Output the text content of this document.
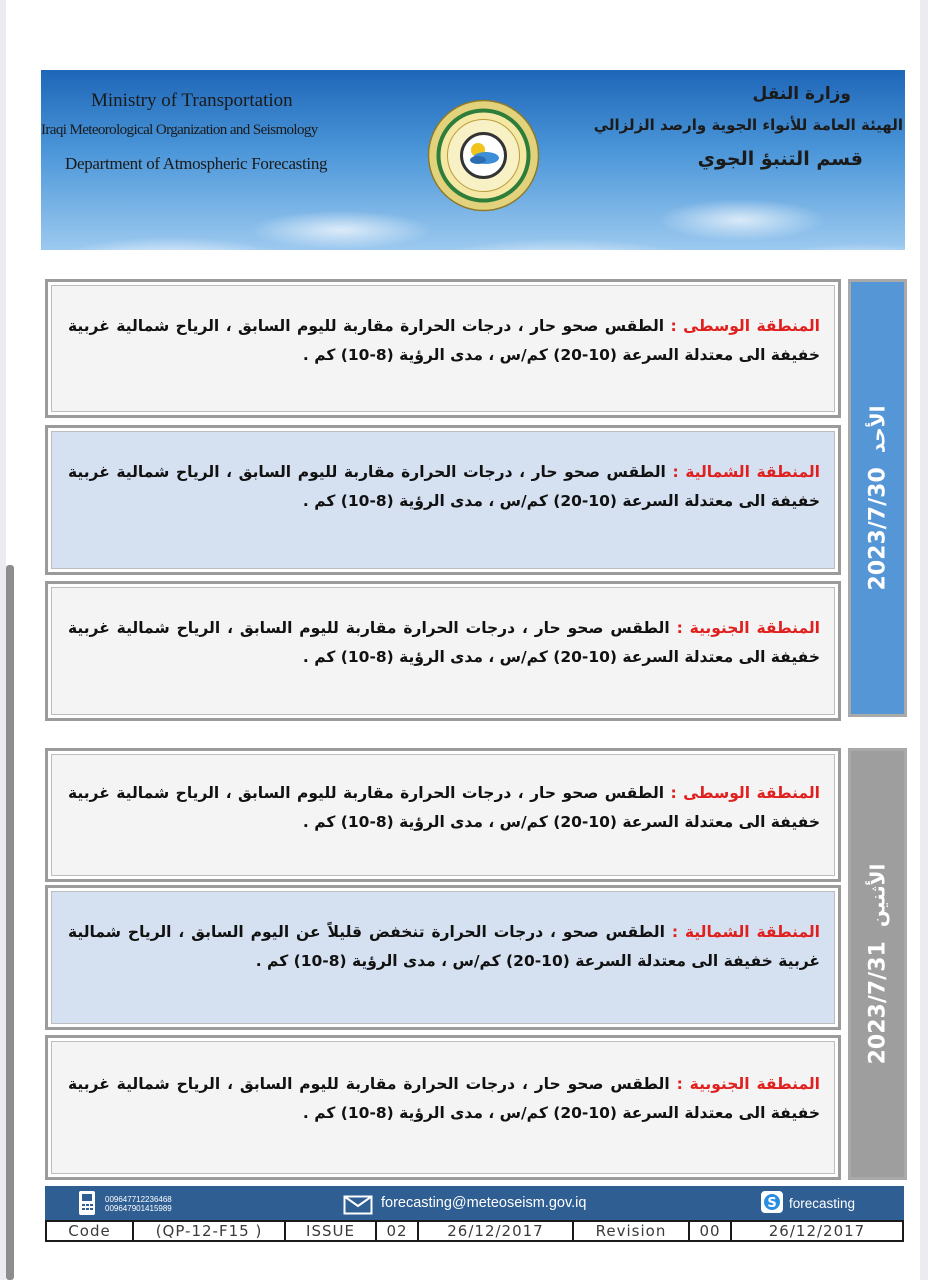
Ministry of Transportation
Iraqi Meteorological Organization and Seismology
Department of Atmospheric Forecasting
وزارة النقل
الهيئة العامة للأنواء الجوية وارصد الزلزالي
قسم التنبؤ الجوي
المنطقة الوسطى : الطقس صحو حار ، درجات الحرارة مقاربة لليوم السابق ، الرياح شمالية غربية خفيفة الى معتدلة السرعة (10-20) كم/س ، مدى الرؤية (8-10) كم .
المنطقة الشمالية : الطقس صحو حار ، درجات الحرارة مقاربة لليوم السابق ، الرياح شمالية غربية خفيفة الى معتدلة السرعة (10-20) كم/س ، مدى الرؤية (8-10) كم .
المنطقة الجنوبية : الطقس صحو حار ، درجات الحرارة مقاربة لليوم السابق ، الرياح شمالية غربية خفيفة الى معتدلة السرعة (10-20) كم/س ، مدى الرؤية (8-10) كم .
2023/7/30الأحد
المنطقة الوسطى : الطقس صحو حار ، درجات الحرارة مقاربة لليوم السابق ، الرياح شمالية غربية خفيفة الى معتدلة السرعة (10-20) كم/س ، مدى الرؤية (8-10) كم .
المنطقة الشمالية : الطقس صحو ، درجات الحرارة تنخفض قليلاً عن اليوم السابق ، الرياح شمالية غربية خفيفة الى معتدلة السرعة (10-20) كم/س ، مدى الرؤية (8-10) كم .
المنطقة الجنوبية : الطقس صحو حار ، درجات الحرارة مقاربة لليوم السابق ، الرياح شمالية غربية خفيفة الى معتدلة السرعة (10-20) كم/س ، مدى الرؤية (8-10) كم .
2023/7/31الأثنين
009647712236468
009647901415989	forecasting@meteoseism.gov.iq	S forecasting
Code	(QP-12-F15 )	ISSUE	02	26/12/2017	Revision	00	26/12/2017
